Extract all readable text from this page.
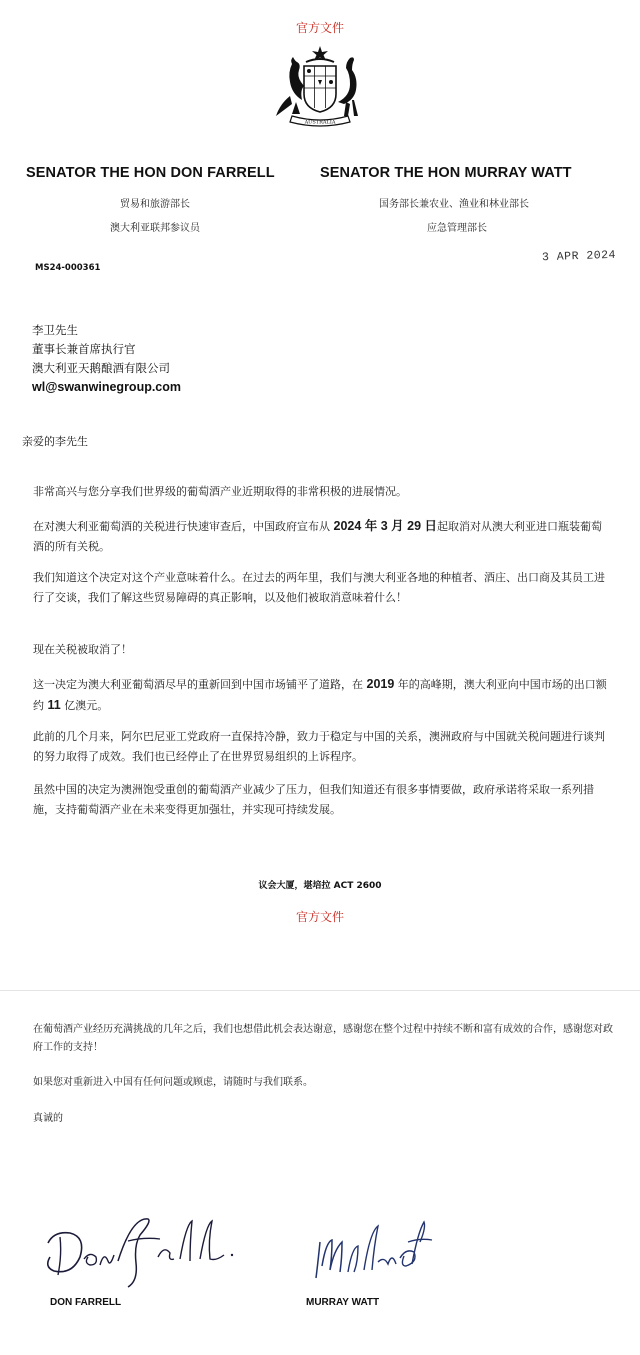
官方文件
AUSTRALIA
SENATOR THE HON DON FARRELL	SENATOR THE HON MURRAY WATT
贸易和旅游部长
澳大利亚联邦参议员
国务部长兼农业、渔业和林业部长
应急管理部长
MS24-000361
3 APR 2024
李卫先生
董事长兼首席执行官
澳大利亚天鹅酿酒有限公司
wl@swanwinegroup.com
亲爱的李先生

非常高兴与您分享我们世界级的葡萄酒产业近期取得的非常积极的进展情况。

在对澳大利亚葡萄酒的关税进行快速审查后，中国政府宣布从 2024 年 3 月 29 日起取消对从澳大利亚进口瓶装葡萄酒的所有关税。

我们知道这个决定对这个产业意味着什么。在过去的两年里，我们与澳大利亚各地的种植者、酒庄、出口商及其员工进行了交谈，我们了解这些贸易障碍的真正影响，以及他们被取消意味着什么！

现在关税被取消了！

这一决定为澳大利亚葡萄酒尽早的重新回到中国市场铺平了道路，在 2019 年的高峰期，澳大利亚向中国市场的出口额约 11 亿澳元。

此前的几个月来，阿尔巴尼亚工党政府一直保持冷静，致力于稳定与中国的关系，澳洲政府与中国就关税问题进行谈判的努力取得了成效。我们也已经停止了在世界贸易组织的上诉程序。

虽然中国的决定为澳洲饱受重创的葡萄酒产业减少了压力，但我们知道还有很多事情要做，政府承诺将采取一系列措施，支持葡萄酒产业在未来变得更加强壮，并实现可持续发展。

议会大厦，堪培拉 ACT 2600
官方文件

在葡萄酒产业经历充满挑战的几年之后，我们也想借此机会表达谢意，感谢您在整个过程中持续不断和富有成效的合作，感谢您对政府工作的支持！

如果您对重新进入中国有任何问题或顾虑，请随时与我们联系。

真诚的
DON FARRELL	MURRAY WATT
